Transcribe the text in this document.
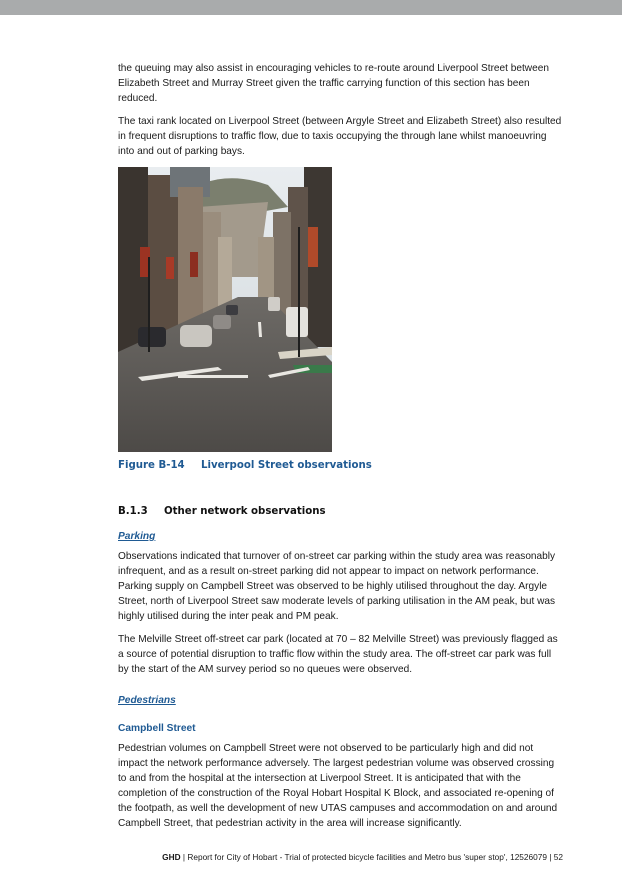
the queuing may also assist in encouraging vehicles to re-route around Liverpool Street between Elizabeth Street and Murray Street given the traffic carrying function of this section has been reduced.

The taxi rank located on Liverpool Street (between Argyle Street and Elizabeth Street) also resulted in frequent disruptions to traffic flow, due to taxis occupying the through lane whilst manoeuvring into and out of parking bays.

Figure B-14 Liverpool Street observations
B.1.3 Other network observations
Parking

Observations indicated that turnover of on-street car parking within the study area was reasonably infrequent, and as a result on-street parking did not appear to impact on network performance. Parking supply on Campbell Street was observed to be highly utilised throughout the day. Argyle Street, north of Liverpool Street saw moderate levels of parking utilisation in the AM peak, but was highly utilised during the inter peak and PM peak.

The Melville Street off-street car park (located at 70 – 82 Melville Street) was previously flagged as a source of potential disruption to traffic flow within the study area. The off-street car park was full by the start of the AM survey period so no queues were observed.

Pedestrians
Campbell Street

Pedestrian volumes on Campbell Street were not observed to be particularly high and did not impact the network performance adversely. The largest pedestrian volume was observed crossing to and from the hospital at the intersection at Liverpool Street. It is anticipated that with the completion of the construction of the Royal Hobart Hospital K Block, and associated re-opening of the footpath, as well the development of new UTAS campuses and accommodation on and around Campbell Street, that pedestrian activity in the area will increase significantly.

GHD | Report for City of Hobart - Trial of protected bicycle facilities and Metro bus 'super stop', 12526079 | 52
